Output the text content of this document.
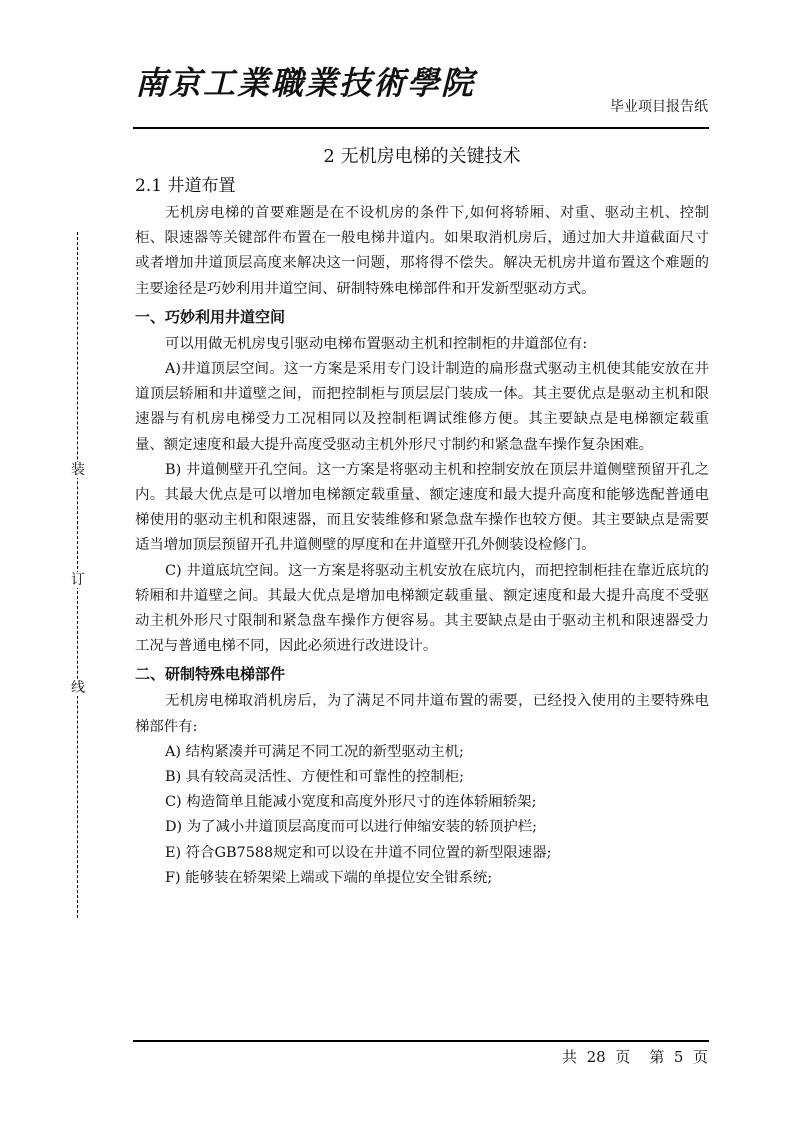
南京工業職業技術學院
毕业项目报告纸
装
订
线
2 无机房电梯的关键技术
2.1 井道布置

无机房电梯的首要难题是在不设机房的条件下,如何将轿厢、对重、驱动主机、控制柜、限速器等关键部件布置在一般电梯井道内。如果取消机房后，通过加大井道截面尺寸或者增加井道顶层高度来解决这一问题，那将得不偿失。解决无机房井道布置这个难题的主要途径是巧妙利用井道空间、研制特殊电梯部件和开发新型驱动方式。

一、巧妙利用井道空间

可以用做无机房曳引驱动电梯布置驱动主机和控制柜的井道部位有:

A)井道顶层空间。这一方案是采用专门设计制造的扁形盘式驱动主机使其能安放在井道顶层轿厢和井道壁之间，而把控制柜与顶层层门装成一体。其主要优点是驱动主机和限速器与有机房电梯受力工况相同以及控制柜调试维修方便。其主要缺点是电梯额定载重量、额定速度和最大提升高度受驱动主机外形尺寸制约和紧急盘车操作复杂困难。

B) 井道侧壁开孔空间。这一方案是将驱动主机和控制安放在顶层井道侧壁预留开孔之内。其最大优点是可以增加电梯额定载重量、额定速度和最大提升高度和能够选配普通电梯使用的驱动主机和限速器，而且安装维修和紧急盘车操作也较方便。其主要缺点是需要适当增加顶层预留开孔井道侧壁的厚度和在井道壁开孔外侧装设检修门。

C) 井道底坑空间。这一方案是将驱动主机安放在底坑内，而把控制柜挂在靠近底坑的轿厢和井道壁之间。其最大优点是增加电梯额定载重量、额定速度和最大提升高度不受驱动主机外形尺寸限制和紧急盘车操作方便容易。其主要缺点是由于驱动主机和限速器受力工况与普通电梯不同，因此必须进行改进设计。

二、研制特殊电梯部件

无机房电梯取消机房后，为了满足不同井道布置的需要，已经投入使用的主要特殊电梯部件有:

A) 结构紧凑并可满足不同工况的新型驱动主机;

B) 具有较高灵活性、方便性和可靠性的控制柜;

C) 构造简单且能减小宽度和高度外形尺寸的连体轿厢轿架;

D) 为了减小井道顶层高度而可以进行伸缩安装的轿顶护栏;

E) 符合GB7588规定和可以设在井道不同位置的新型限速器;

F) 能够装在轿架梁上端或下端的单提位安全钳系统;

共 28 页 第 5 页
